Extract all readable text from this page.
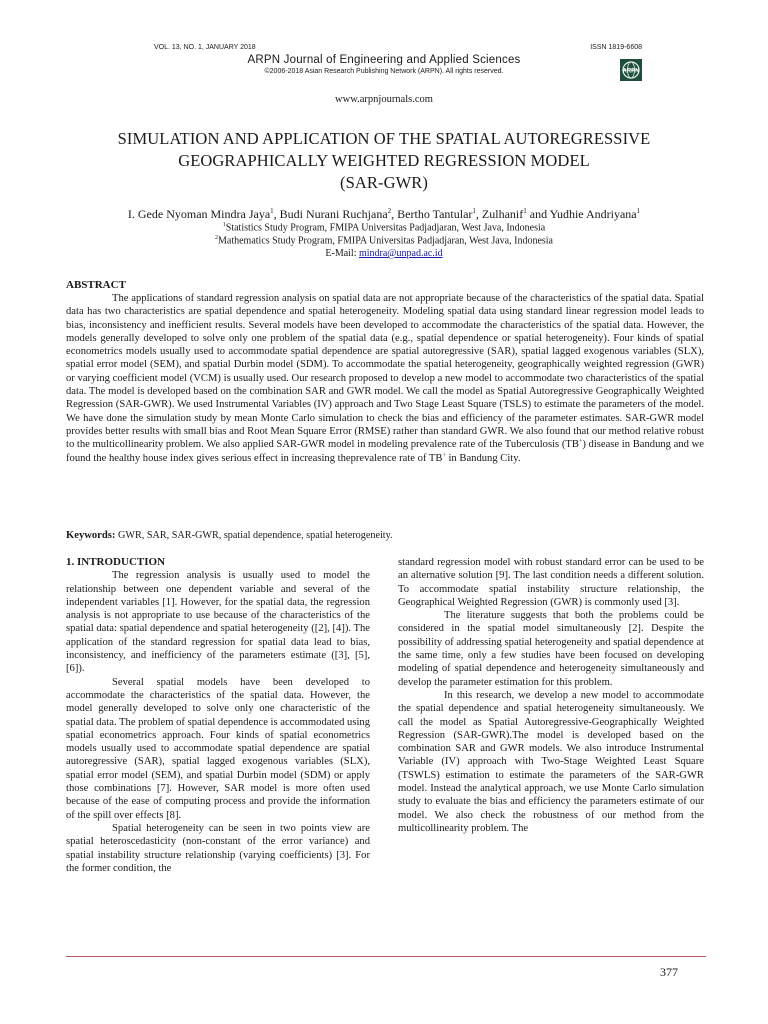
VOL. 13, NO. 1, JANUARY 2018	ISSN 1819-6608
ARPN Journal of Engineering and Applied Sciences
©2006-2018 Asian Research Publishing Network (ARPN). All rights reserved.	ARPN
www.arpnjournals.com
SIMULATION AND APPLICATION OF THE SPATIAL AUTOREGRESSIVE
GEOGRAPHICALLY WEIGHTED REGRESSION MODEL
(SAR-GWR)
I. Gede Nyoman Mindra Jaya$^1$, Budi Nurani Ruchjana$^2$, Bertho Tantular$^1$, Zulhanif$^1$ and Yudhie Andriyana$^1$
$^1$Statistics Study Program, FMIPA Universitas Padjadjaran, West Java, Indonesia
$^2$Mathematics Study Program, FMIPA Universitas Padjadjaran, West Java, Indonesia
E-Mail: mindra@unpad.ac.id
ABSTRACT

The applications of standard regression analysis on spatial data are not appropriate because of the characteristics of the spatial data. Spatial data has two characteristics are spatial dependence and spatial heterogeneity. Modeling spatial data using standard linear regression model leads to bias, inconsistency and inefficient results. Several models have been developed to accommodate the characteristics of the spatial data. However, the models generally developed to solve only one problem of the spatial data (e.g., spatial dependence or spatial heterogeneity). Four kinds of spatial econometrics models usually used to accommodate spatial dependence are spatial autoregressive (SAR), spatial lagged exogenous variables (SLX), spatial error model (SEM), and spatial Durbin model (SDM). To accommodate the spatial heterogeneity, geographically weighted regression (GWR) or varying coefficient model (VCM) is usually used. Our research proposed to develop a new model to accommodate two characteristics of the spatial data. The model is developed based on the combination SAR and GWR model. We call the model as Spatial Autoregressive Geographically Weighted Regression (SAR-GWR). We used Instrumental Variables (IV) approach and Two Stage Least Square (TSLS) to estimate the parameters of the model. We have done the simulation study by mean Monte Carlo simulation to check the bias and efficiency of the parameter estimates. SAR-GWR model provides better results with small bias and Root Mean Square Error (RMSE) rather than standard GWR. We also found that our method relative robust to the multicollinearity problem. We also applied SAR-GWR model in modeling prevalence rate of the Tuberculosis (TB+) disease in Bandung and we found the healthy house index gives serious effect in increasing theprevalence rate of TB+ in Bandung City.

Keywords: GWR, SAR, SAR-GWR, spatial dependence, spatial heterogeneity.
1. INTRODUCTION

The regression analysis is usually used to model the relationship between one dependent variable and several of the independent variables [1]. However, for the spatial data, the regression analysis is not appropriate to use because of the characteristics of the spatial data: spatial dependence and spatial heterogeneity ([2], [4]). The application of the standard regression for spatial data lead to bias, inconsistency, and inefficiency of the parameters estimate ([3], [5], [6]).

Several spatial models have been developed to accommodate the characteristics of the spatial data. However, the model generally developed to solve only one characteristic of the spatial data. The problem of spatial dependence is accommodated using spatial econometrics approach. Four kinds of spatial econometrics models usually used to accommodate spatial dependence are spatial autoregressive (SAR), spatial lagged exogenous variables (SLX), spatial error model (SEM), and spatial Durbin model (SDM) or apply those combinations [7]. However, SAR model is more often used because of the ease of computing process and provide the information of the spill over effects [8].

Spatial heterogeneity can be seen in two points view are spatial heteroscedasticity (non-constant of the error variance) and spatial instability structure relationship (varying coefficients) [3]. For the former condition, the

standard regression model with robust standard error can be used to be an alternative solution [9]. The last condition needs a different solution. To accommodate spatial instability structure relationship, the Geographical Weighted Regression (GWR) is commonly used [3].

The literature suggests that both the problems could be considered in the spatial model simultaneously [2]. Despite the possibility of addressing spatial heterogeneity and spatial dependence at the same time, only a few studies have been focused on developing modeling of spatial dependence and heterogeneity simultaneously and develop the parameter estimation for this problem.

In this research, we develop a new model to accommodate the spatial dependence and spatial heterogeneity simultaneously. We call the model as Spatial Autoregressive-Geographically Weighted Regression (SAR-GWR).The model is developed based on the combination SAR and GWR models. We also introduce Instrumental Variable (IV) approach with Two-Stage Weighted Least Square (TSWLS) estimation to estimate the parameters of the SAR-GWR model. Instead the analytical approach, we use Monte Carlo simulation study to evaluate the bias and efficiency the parameters estimate of our model. We also check the robustness of our method from the multicollinearity problem. The

377
